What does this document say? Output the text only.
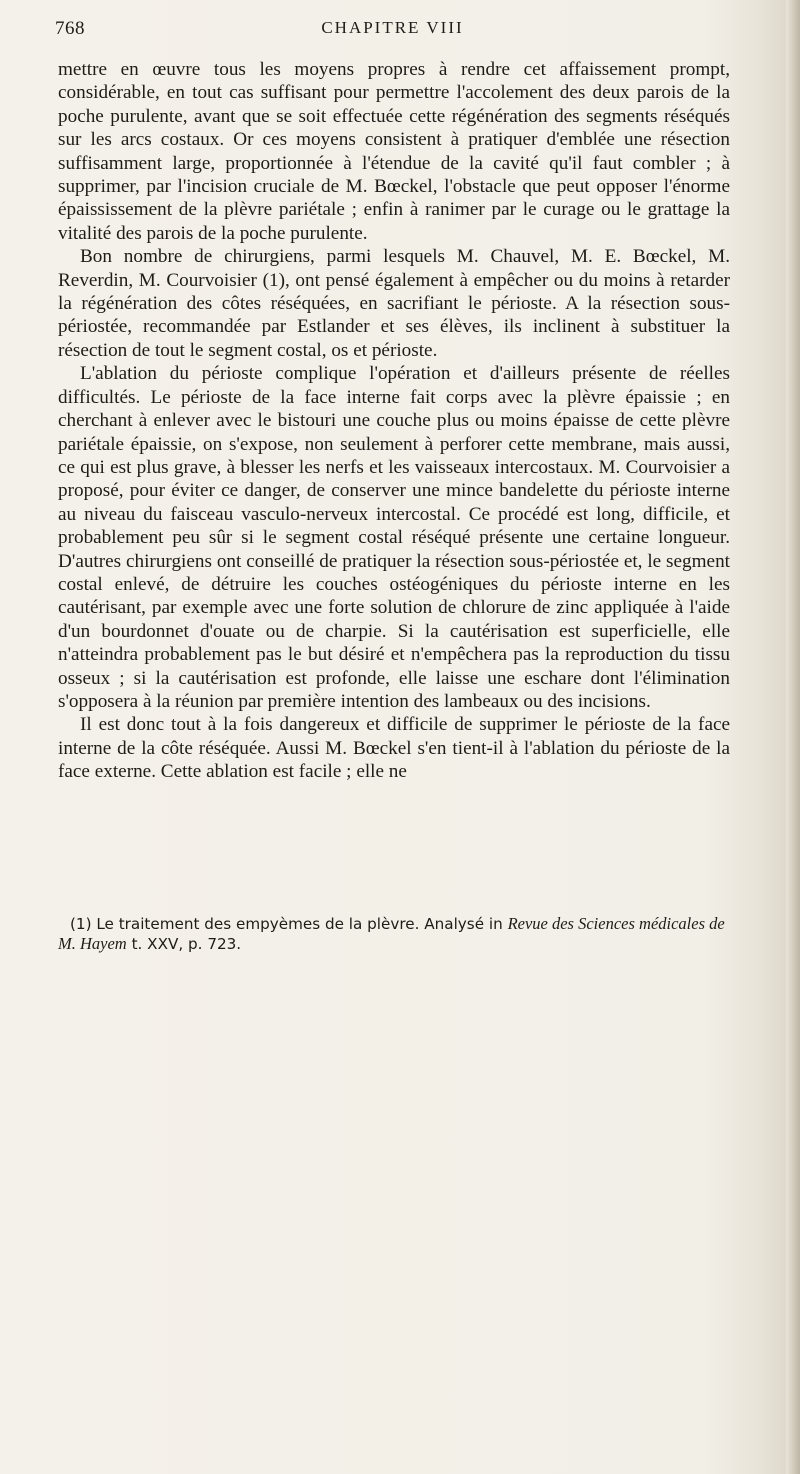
768	CHAPITRE VIII

mettre en œuvre tous les moyens propres à rendre cet affaissement prompt, considérable, en tout cas suffisant pour permettre l'accolement des deux parois de la poche purulente, avant que se soit effectuée cette régénération des segments réséqués sur les arcs costaux. Or ces moyens consistent à pratiquer d'emblée une résection suffisamment large, proportionnée à l'étendue de la cavité qu'il faut combler ; à supprimer, par l'incision cruciale de M. Bœckel, l'obstacle que peut opposer l'énorme épaississement de la plèvre pariétale ; enfin à ranimer par le curage ou le grattage la vitalité des parois de la poche purulente.

Bon nombre de chirurgiens, parmi lesquels M. Chauvel, M. E. Bœckel, M. Reverdin, M. Courvoisier (1), ont pensé également à empêcher ou du moins à retarder la régénération des côtes réséquées, en sacrifiant le périoste. A la résection sous-périostée, recommandée par Estlander et ses élèves, ils inclinent à substituer la résection de tout le segment costal, os et périoste.

L'ablation du périoste complique l'opération et d'ailleurs présente de réelles difficultés. Le périoste de la face interne fait corps avec la plèvre épaissie ; en cherchant à enlever avec le bistouri une couche plus ou moins épaisse de cette plèvre pariétale épaissie, on s'expose, non seulement à perforer cette membrane, mais aussi, ce qui est plus grave, à blesser les nerfs et les vaisseaux intercostaux. M. Courvoisier a proposé, pour éviter ce danger, de conserver une mince bandelette du périoste interne au niveau du faisceau vasculo-nerveux intercostal. Ce procédé est long, difficile, et probablement peu sûr si le segment costal réséqué présente une certaine longueur. D'autres chirurgiens ont conseillé de pratiquer la résection sous-périostée et, le segment costal enlevé, de détruire les couches ostéogéniques du périoste interne en les cautérisant, par exemple avec une forte solution de chlorure de zinc appliquée à l'aide d'un bourdonnet d'ouate ou de charpie. Si la cautérisation est superficielle, elle n'atteindra probablement pas le but désiré et n'empêchera pas la reproduction du tissu osseux ; si la cautérisation est profonde, elle laisse une eschare dont l'élimination s'opposera à la réunion par première intention des lambeaux ou des incisions.

Il est donc tout à la fois dangereux et difficile de supprimer le périoste de la face interne de la côte réséquée. Aussi M. Bœckel s'en tient-il à l'ablation du périoste de la face externe. Cette ablation est facile ; elle ne

(1) Le traitement des empyèmes de la plèvre. Analysé in Revue des Sciences médicales de M. Hayem t. XXV, p. 723.
